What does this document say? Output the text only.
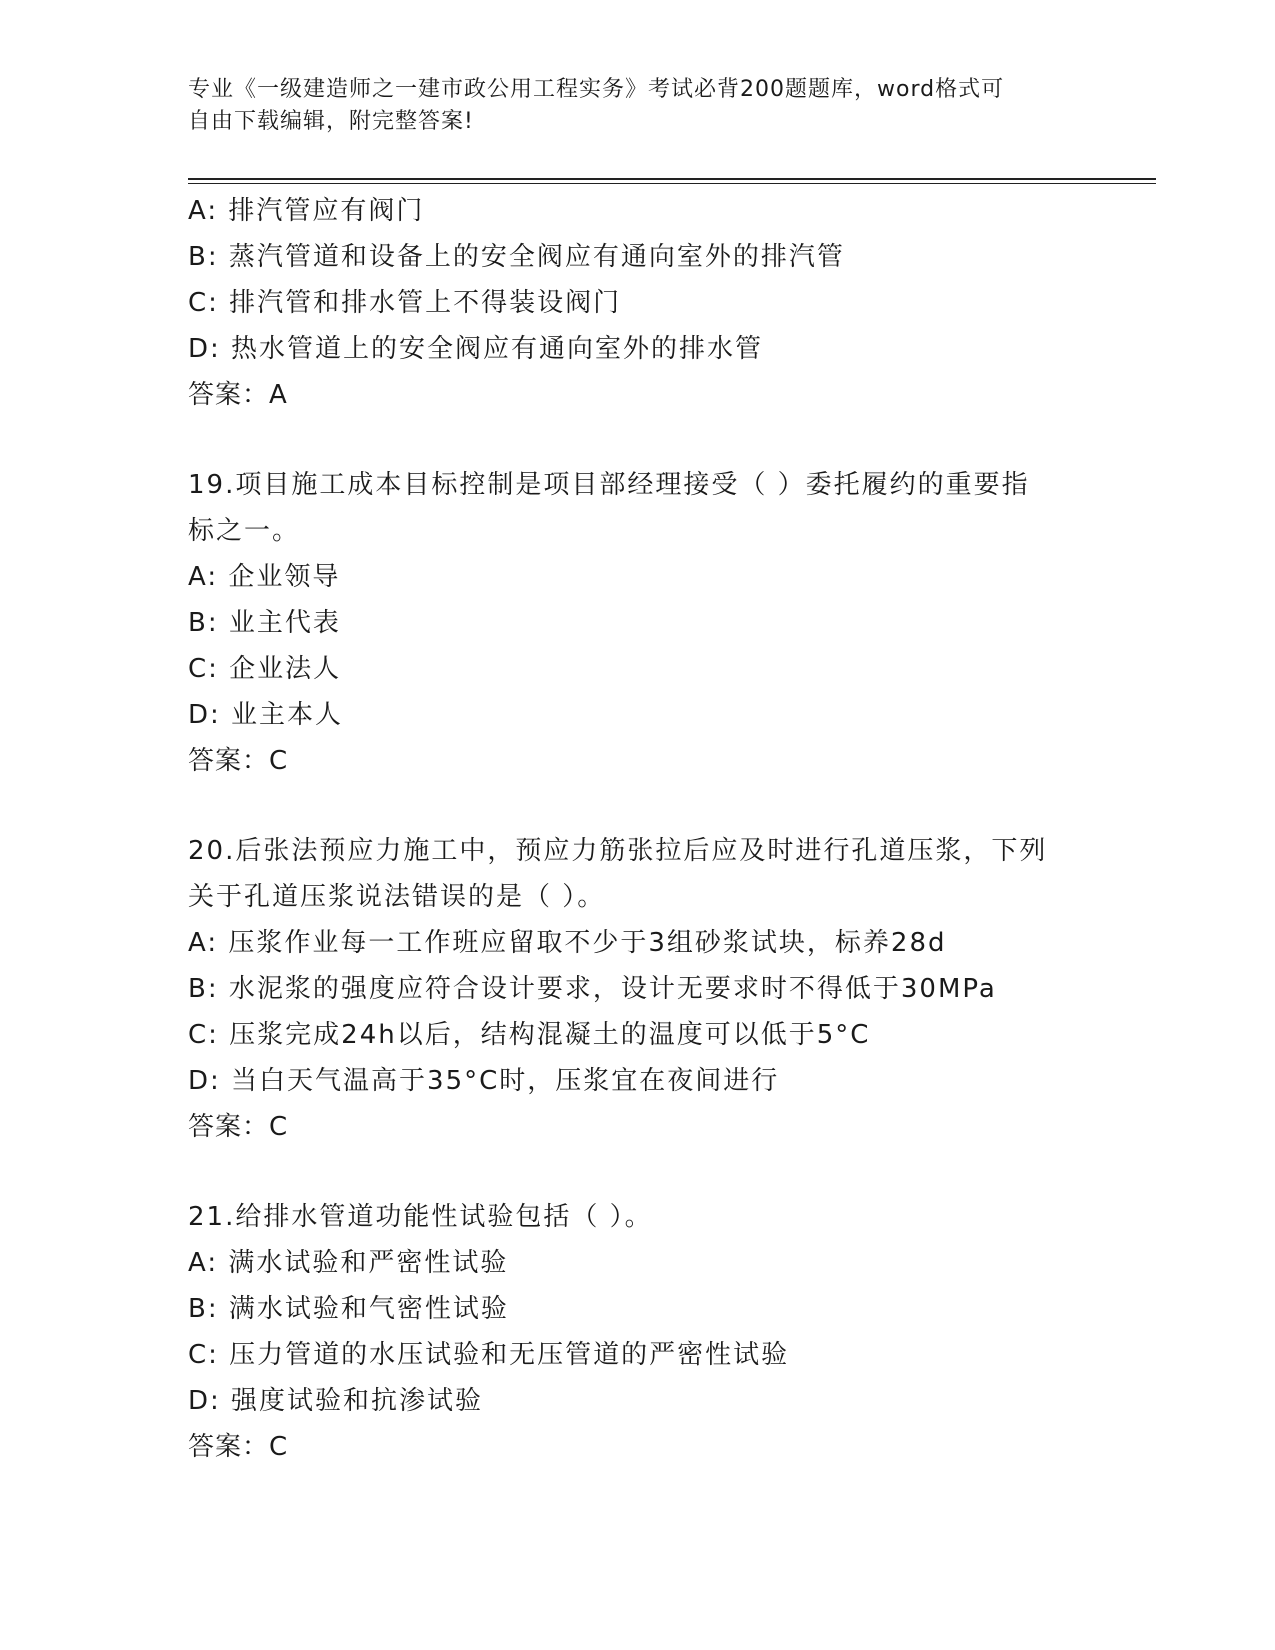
专业《一级建造师之一建市政公用工程实务》考试必背200题题库，word格式可
自由下载编辑，附完整答案!
A: 排汽管应有阀门
B: 蒸汽管道和设备上的安全阀应有通向室外的排汽管
C: 排汽管和排水管上不得装设阀门
D: 热水管道上的安全阀应有通向室外的排水管
答案：A
19.项目施工成本目标控制是项目部经理接受（ ）委托履约的重要指
标之一。
A: 企业领导
B: 业主代表
C: 企业法人
D: 业主本人
答案：C
20.后张法预应力施工中，预应力筋张拉后应及时进行孔道压浆，下列
关于孔道压浆说法错误的是（ ）。
A: 压浆作业每一工作班应留取不少于3组砂浆试块，标养28d
B: 水泥浆的强度应符合设计要求，设计无要求时不得低于30MPa
C: 压浆完成24h以后，结构混凝土的温度可以低于5°C
D: 当白天气温高于35°C时，压浆宜在夜间进行
答案：C
21.给排水管道功能性试验包括（ ）。
A: 满水试验和严密性试验
B: 满水试验和气密性试验
C: 压力管道的水压试验和无压管道的严密性试验
D: 强度试验和抗渗试验
答案：C
